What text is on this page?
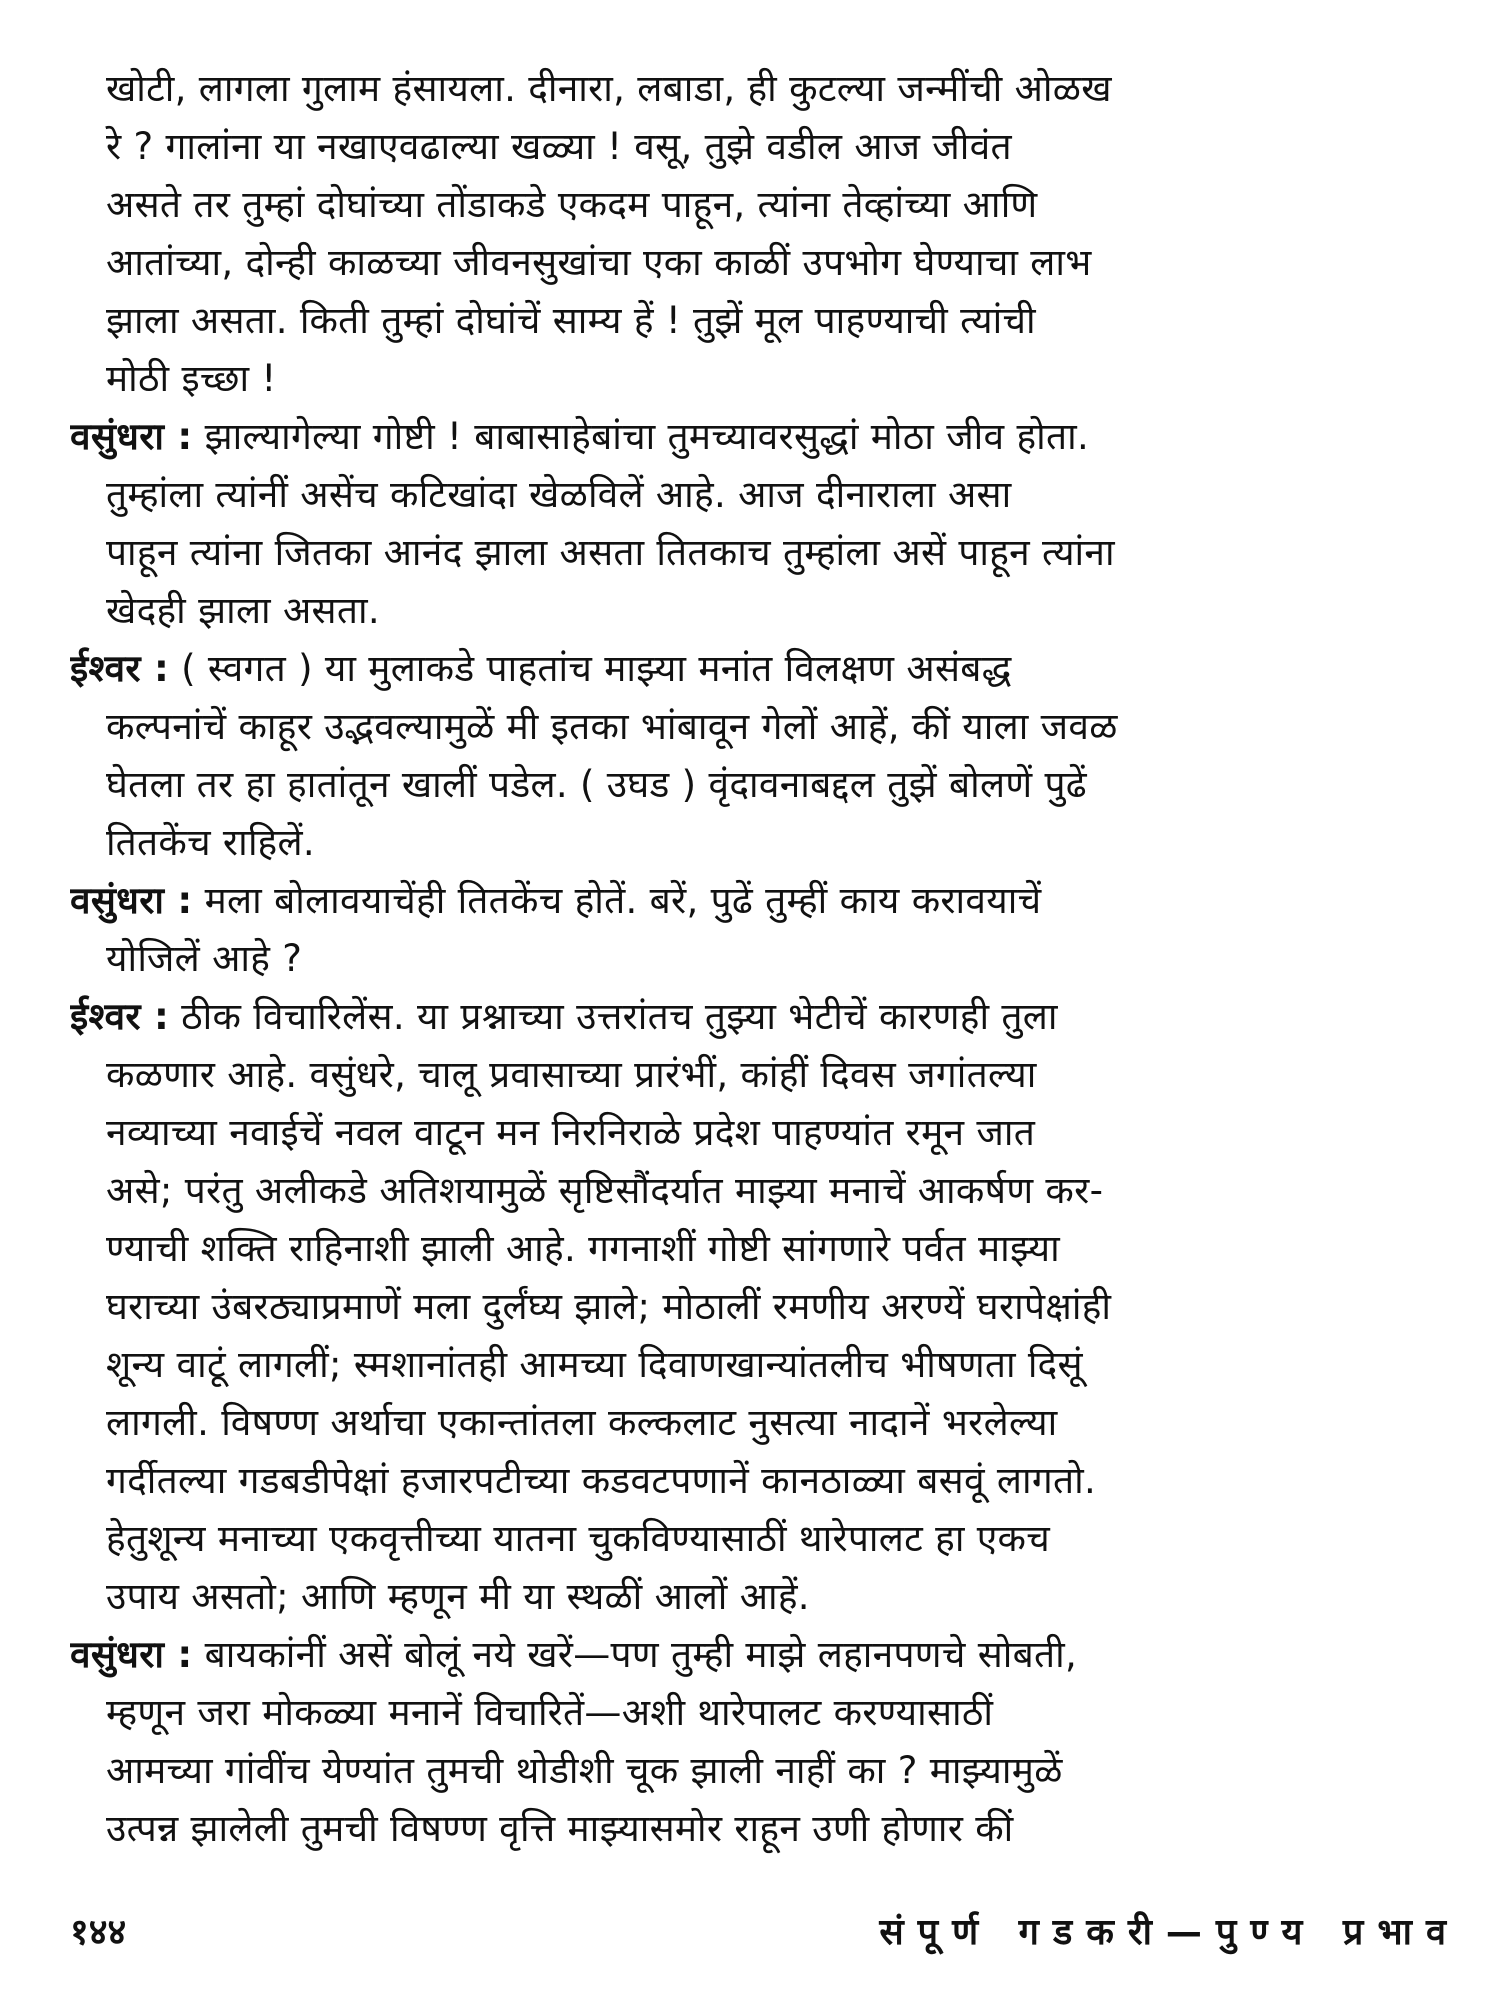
खोटी, लागला गुलाम हंसायला. दीनारा, लबाडा, ही कुटल्या जन्मींची ओळख
रे ? गालांना या नखाएवढाल्या खळ्या ! वसू, तुझे वडील आज जीवंत
असते तर तुम्हां दोघांच्या तोंडाकडे एकदम पाहून, त्यांना तेव्हांच्या आणि
आतांच्या, दोन्ही काळच्या जीवनसुखांचा एका काळीं उपभोग घेण्याचा लाभ
झाला असता. किती तुम्हां दोघांचें साम्य हें ! तुझें मूल पाहण्याची त्यांची
मोठी इच्छा !
वसुंधरा : झाल्यागेल्या गोष्टी ! बाबासाहेबांचा तुमच्यावरसुद्धां मोठा जीव होता.
तुम्हांला त्यांनीं असेंच कटिखांदा खेळविलें आहे. आज दीनाराला असा
पाहून त्यांना जितका आनंद झाला असता तितकाच तुम्हांला असें पाहून त्यांना
खेदही झाला असता.
ईश्वर : ( स्वगत ) या मुलाकडे पाहतांच माझ्या मनांत विलक्षण असंबद्ध
कल्पनांचें काहूर उद्भवल्यामुळें मी इतका भांबावून गेलों आहें, कीं याला जवळ
घेतला तर हा हातांतून खालीं पडेल. ( उघड ) वृंदावनाबद्दल तुझें बोलणें पुढें
तितकेंच राहिलें.
वसुंधरा : मला बोलावयाचेंही तितकेंच होतें. बरें, पुढें तुम्हीं काय करावयाचें
योजिलें आहे ?
ईश्वर : ठीक विचारिलेंस. या प्रश्नाच्या उत्तरांतच तुझ्या भेटीचें कारणही तुला
कळणार आहे. वसुंधरे, चालू प्रवासाच्या प्रारंभीं, कांहीं दिवस जगांतल्या
नव्याच्या नवाईचें नवल वाटून मन निरनिराळे प्रदेश पाहण्यांत रमून जात
असे; परंतु अलीकडे अतिशयामुळें सृष्टिसौंदर्यात माझ्या मनाचें आकर्षण कर-
ण्याची शक्ति राहिनाशी झाली आहे. गगनाशीं गोष्टी सांगणारे पर्वत माझ्या
घराच्या उंबरठ्याप्रमाणें मला दुर्लंघ्य झाले; मोठालीं रमणीय अरण्यें घरापेक्षांही
शून्य वाटूं लागलीं; स्मशानांतही आमच्या दिवाणखान्यांतलीच भीषणता दिसूं
लागली. विषण्ण अर्थाचा एकान्तांतला कल्कलाट नुसत्या नादानें भरलेल्या
गर्दीतल्या गडबडीपेक्षां हजारपटीच्या कडवटपणानें कानठाळ्या बसवूं लागतो.
हेतुशून्य मनाच्या एकवृत्तीच्या यातना चुकविण्यासाठीं थारेपालट हा एकच
उपाय असतो; आणि म्हणून मी या स्थळीं आलों आहें.
वसुंधरा : बायकांनीं असें बोलूं नये खरें—पण तुम्ही माझे लहानपणचे सोबती,
म्हणून जरा मोकळ्या मनानें विचारितें—अशी थारेपालट करण्यासाठीं
आमच्या गांवींच येण्यांत तुमची थोडीशी चूक झाली नाहीं का ? माझ्यामुळें
उत्पन्न झालेली तुमची विषण्ण वृत्ति माझ्यासमोर राहून उणी होणार कीं
१४४	संपूर्ण गडकरी—पुण्य प्रभाव
